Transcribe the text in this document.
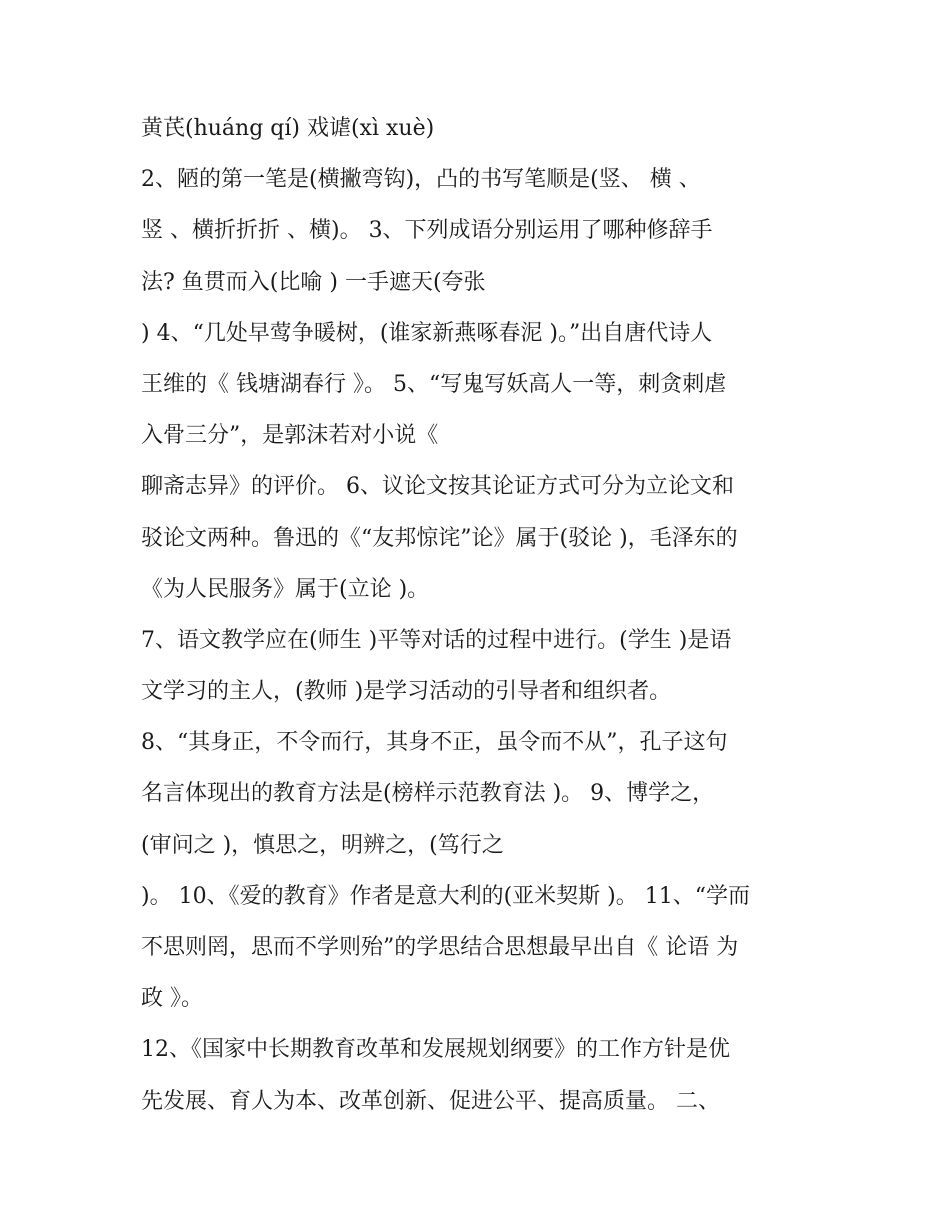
黄芪(huáng qí) 戏谑(xì xuè)
2、陋的第一笔是(横撇弯钩)，凸的书写笔顺是(竖、 横 、
竖 、横折折折 、横)。 3、下列成语分别运用了哪种修辞手
法? 鱼贯而入(比喻 ) 一手遮天(夸张
) 4、“几处早莺争暖树，(谁家新燕啄春泥 )。”出自唐代诗人
王维的《 钱塘湖春行 》。 5、“写鬼写妖高人一等，刺贪刺虐
入骨三分”，是郭沫若对小说《
聊斋志异》的评价。 6、议论文按其论证方式可分为立论文和
驳论文两种。鲁迅的《“友邦惊诧”论》属于(驳论 )，毛泽东的
《为人民服务》属于(立论 )。
7、语文教学应在(师生 )平等对话的过程中进行。(学生 )是语
文学习的主人，(教师 )是学习活动的引导者和组织者。
8、“其身正，不令而行，其身不正，虽令而不从”，孔子这句
名言体现出的教育方法是(榜样示范教育法 )。 9、博学之，
(审问之 )，慎思之，明辨之，(笃行之
)。 10、《爱的教育》作者是意大利的(亚米契斯 )。 11、“学而
不思则罔，思而不学则殆”的学思结合思想最早出自《 论语 为
政 》。
12、《国家中长期教育改革和发展规划纲要》的工作方针是优
先发展、育人为本、改革创新、促进公平、提高质量。 二、
